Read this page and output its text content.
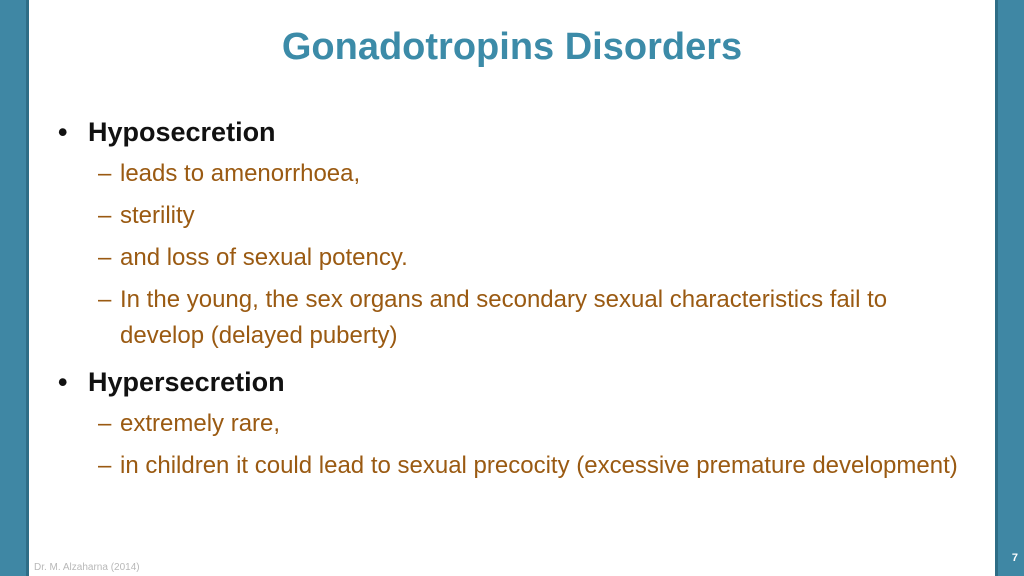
Gonadotropins Disorders
• Hyposecretion
– leads to amenorrhoea,
– sterility
– and loss of sexual potency.
– In the young, the sex organs and secondary sexual characteristics fail to develop (delayed puberty)
• Hypersecretion
– extremely rare,
– in children it could lead to sexual precocity (excessive premature development)
Dr. M. Alzaharna (2014)
7
